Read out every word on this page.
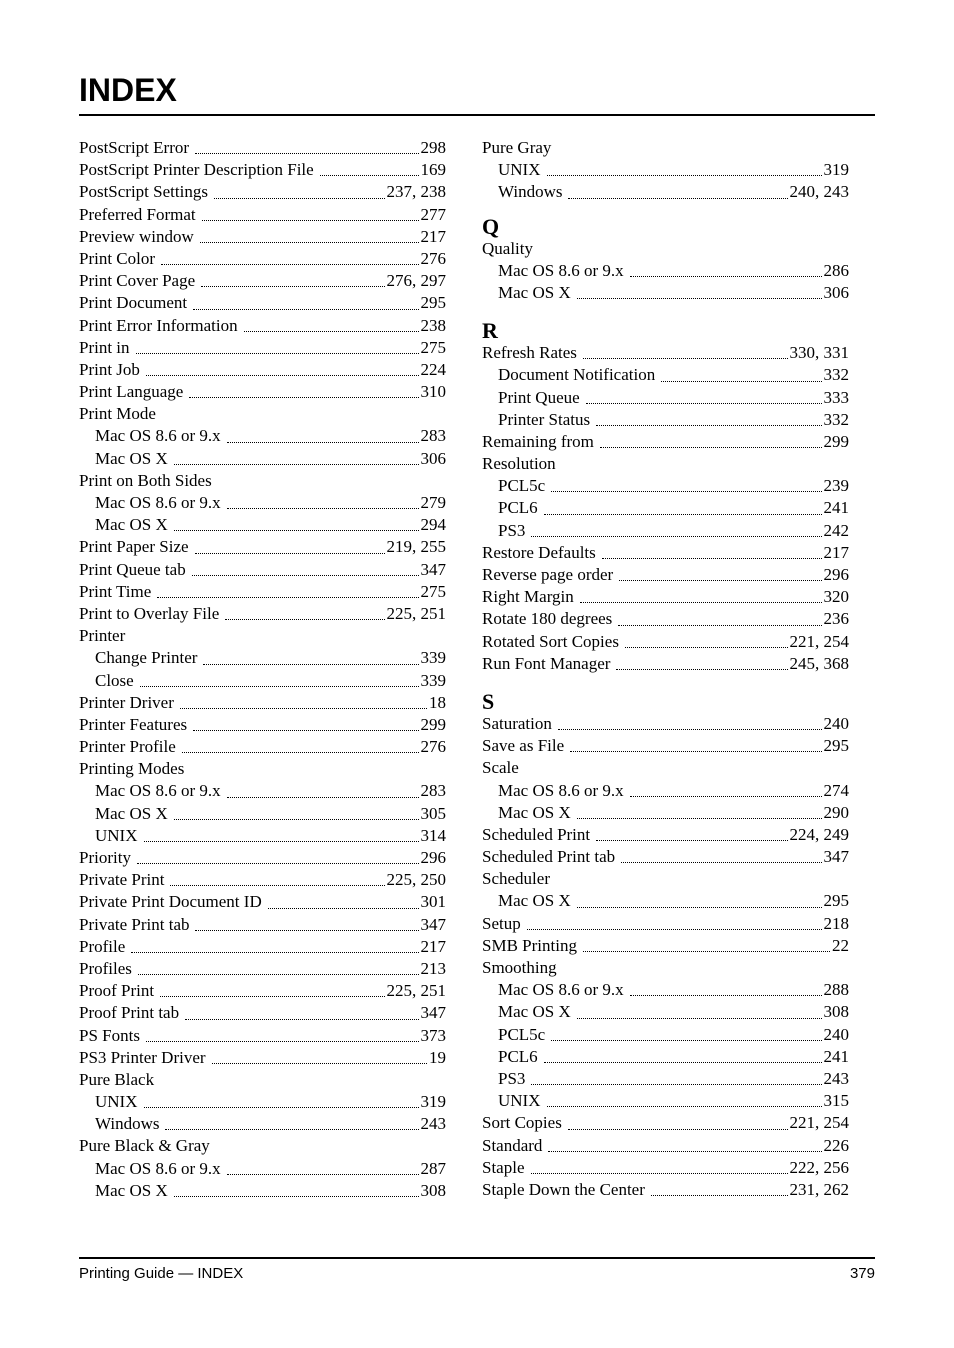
INDEX
PostScript Error	298
PostScript Printer Description File	169
PostScript Settings	237, 238
Preferred Format	277
Preview window	217
Print Color	276
Print Cover Page	276, 297
Print Document	295
Print Error Information	238
Print in	275
Print Job	224
Print Language	310
Print Mode
Mac OS 8.6 or 9.x	283
Mac OS X	306
Print on Both Sides
Mac OS 8.6 or 9.x	279
Mac OS X	294
Print Paper Size	219, 255
Print Queue tab	347
Print Time	275
Print to Overlay File	225, 251
Printer
Change Printer	339
Close	339
Printer Driver	18
Printer Features	299
Printer Profile	276
Printing Modes
Mac OS 8.6 or 9.x	283
Mac OS X	305
UNIX	314
Priority	296
Private Print	225, 250
Private Print Document ID	301
Private Print tab	347
Profile	217
Profiles	213
Proof Print	225, 251
Proof Print tab	347
PS Fonts	373
PS3 Printer Driver	19
Pure Black
UNIX	319
Windows	243
Pure Black & Gray
Mac OS 8.6 or 9.x	287
Mac OS X	308
Pure Gray
UNIX	319
Windows	240, 243
Q
Quality
Mac OS 8.6 or 9.x	286
Mac OS X	306
R
Refresh Rates	330, 331
Document Notification	332
Print Queue	333
Printer Status	332
Remaining from	299
Resolution
PCL5c	239
PCL6	241
PS3	242
Restore Defaults	217
Reverse page order	296
Right Margin	320
Rotate 180 degrees	236
Rotated Sort Copies	221, 254
Run Font Manager	245, 368
S
Saturation	240
Save as File	295
Scale
Mac OS 8.6 or 9.x	274
Mac OS X	290
Scheduled Print	224, 249
Scheduled Print tab	347
Scheduler
Mac OS X	295
Setup	218
SMB Printing	22
Smoothing
Mac OS 8.6 or 9.x	288
Mac OS X	308
PCL5c	240
PCL6	241
PS3	243
UNIX	315
Sort Copies	221, 254
Standard	226
Staple	222, 256
Staple Down the Center	231, 262
Printing Guide — INDEX	379
